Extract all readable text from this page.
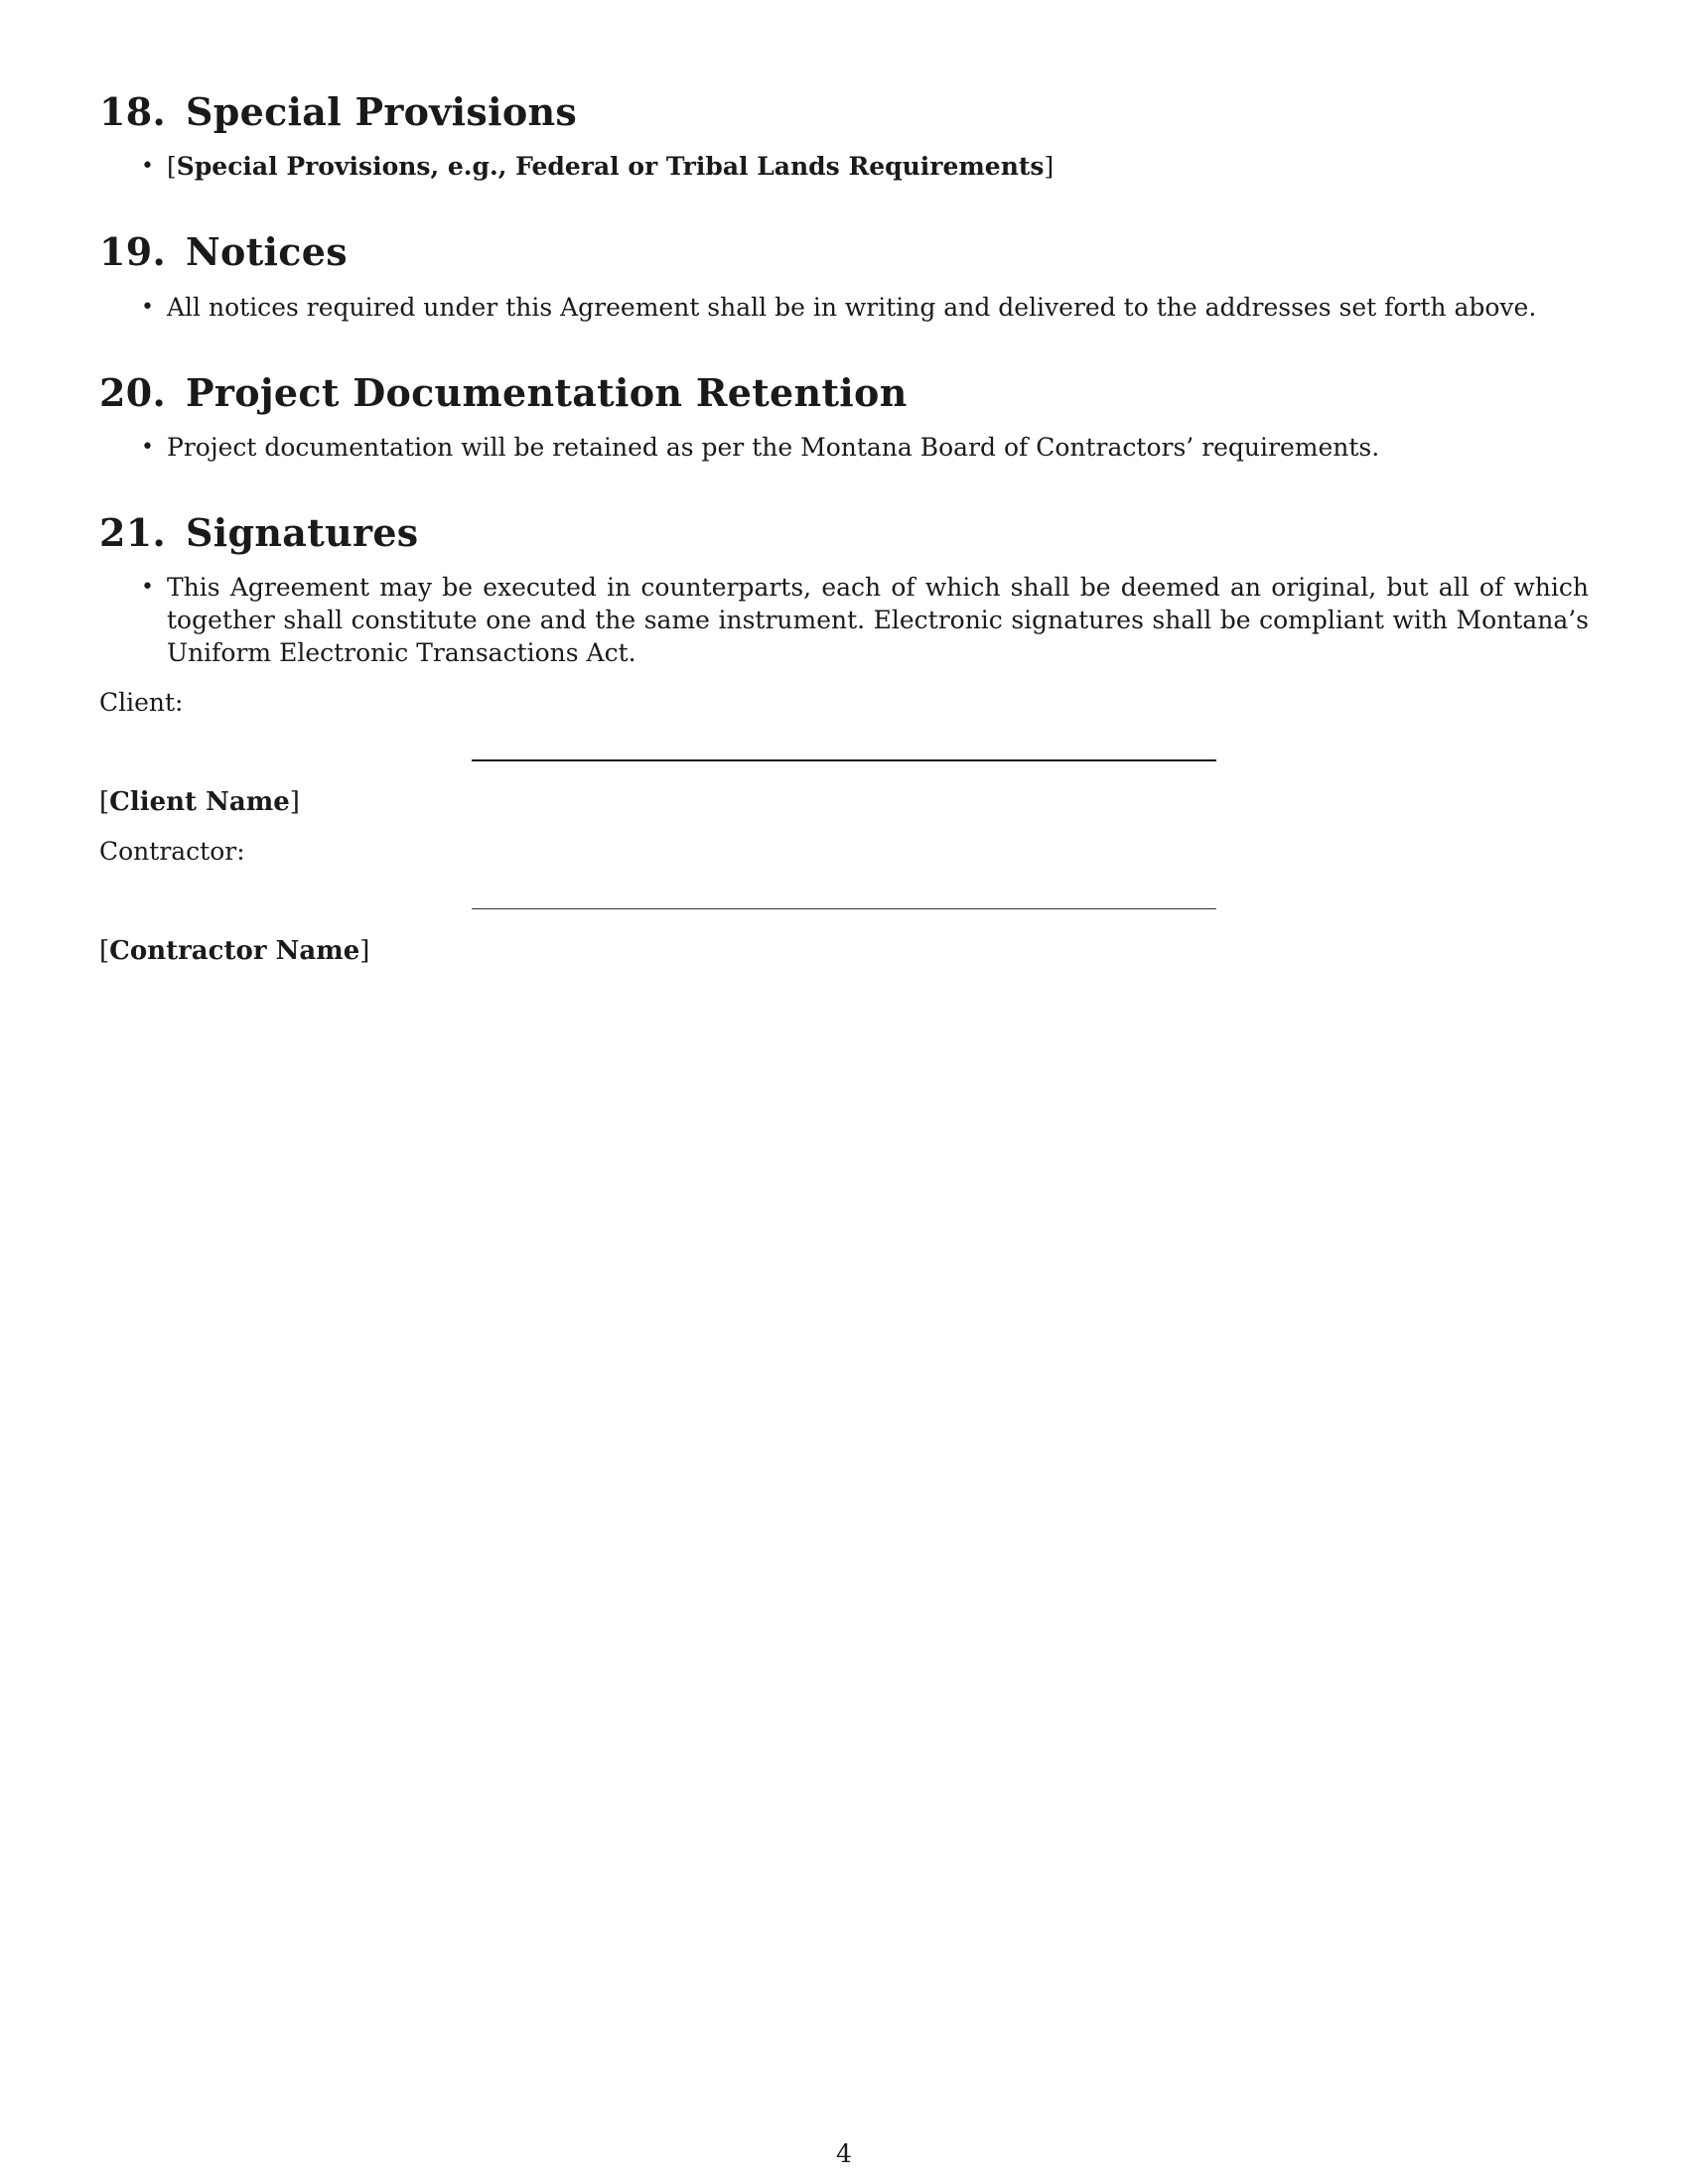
18. Special Provisions
• [Special Provisions, e.g., Federal or Tribal Lands Requirements]
19. Notices
• All notices required under this Agreement shall be in writing and delivered to the addresses set forth above.
20. Project Documentation Retention
• Project documentation will be retained as per the Montana Board of Contractors’ requirements.
21. Signatures
• This Agreement may be executed in counterparts, each of which shall be deemed an original, but all of which together shall constitute one and the same instrument. Electronic signatures shall be compliant with Montana’s Uniform Electronic Transactions Act.
Client:
[Client Name]
Contractor:
[Contractor Name]
4
